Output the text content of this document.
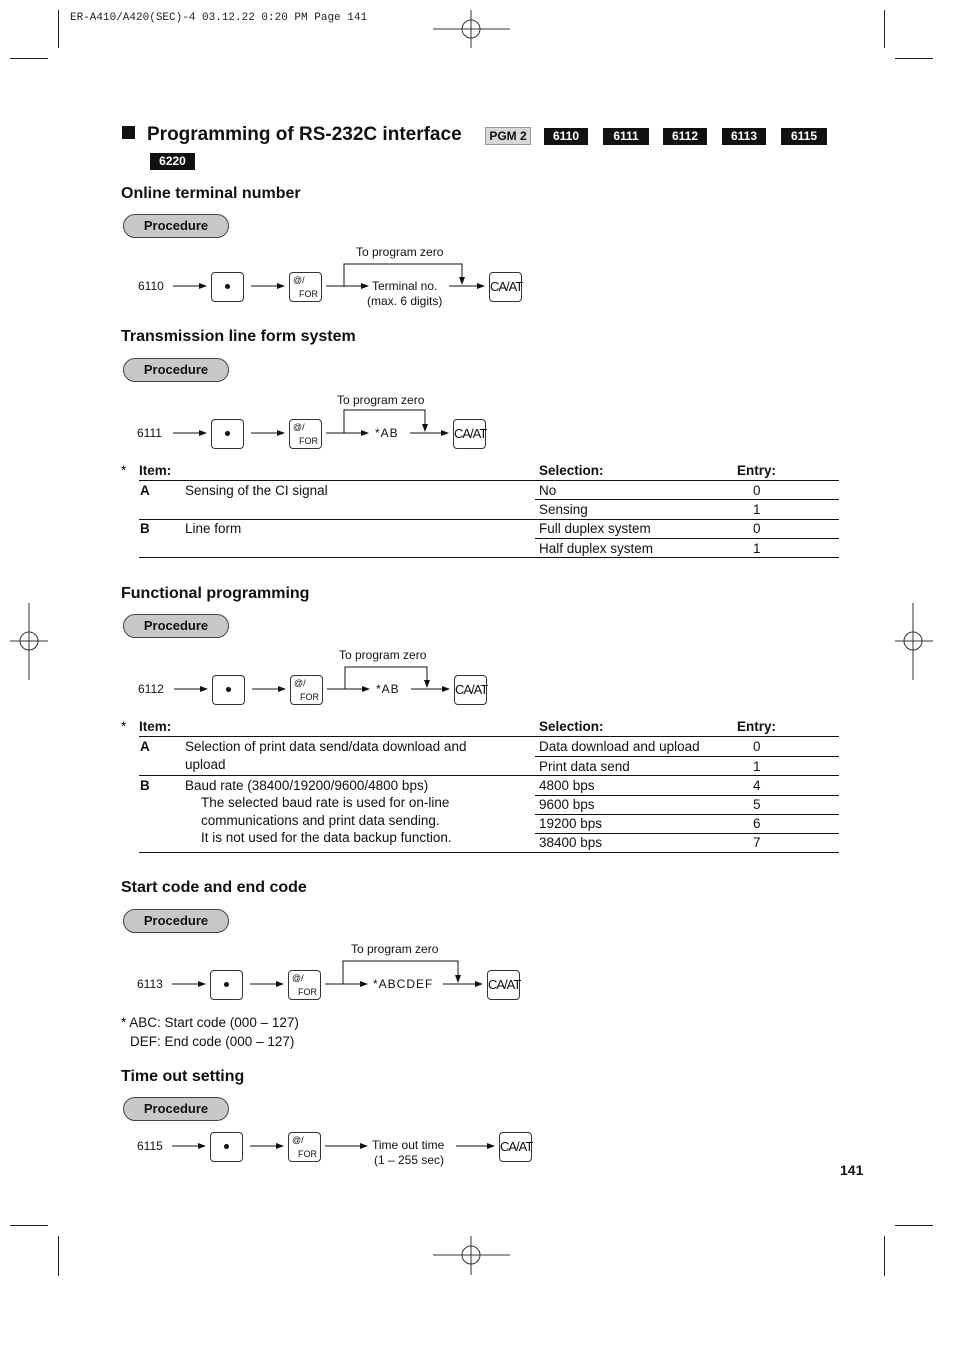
ER-A410/A420(SEC)-4 03.12.22 0:20 PM Page 141
Programming of RS-232C interface	PGM 2	6110	6111	6112	6113	6115
6220
Online terminal number
Procedure
6110	@/
FOR
To program zero
Terminal no.
(max. 6 digits)
CA/AT
Transmission line form system
Procedure
6111	@/
FOR
To program zero
*AB	CA/AT
* Item:	Selection:	Entry:
A	Sensing of the CI signal	No	0
Sensing	1
B	Line form	Full duplex system	0
Half duplex system	1
Functional programming
Procedure
6112	@/
FOR
To program zero
*AB	CA/AT
* Item:	Selection:	Entry:
A	Selection of print data send/data download and
upload
Data download and upload	0
Print data send	1
B	Baud rate (38400/19200/9600/4800 bps)
The selected baud rate is used for on-line
communications and print data sending.
It is not used for the data backup function.
4800 bps	4
9600 bps	5
19200 bps	6
38400 bps	7
Start code and end code
Procedure
6113	@/
FOR
To program zero
*ABCDEF	CA/AT
* ABC: Start code (000 – 127)
DEF: End code (000 – 127)
Time out setting
Procedure
6115	@/
FOR
Time out time
(1 – 255 sec)
CA/AT
141
